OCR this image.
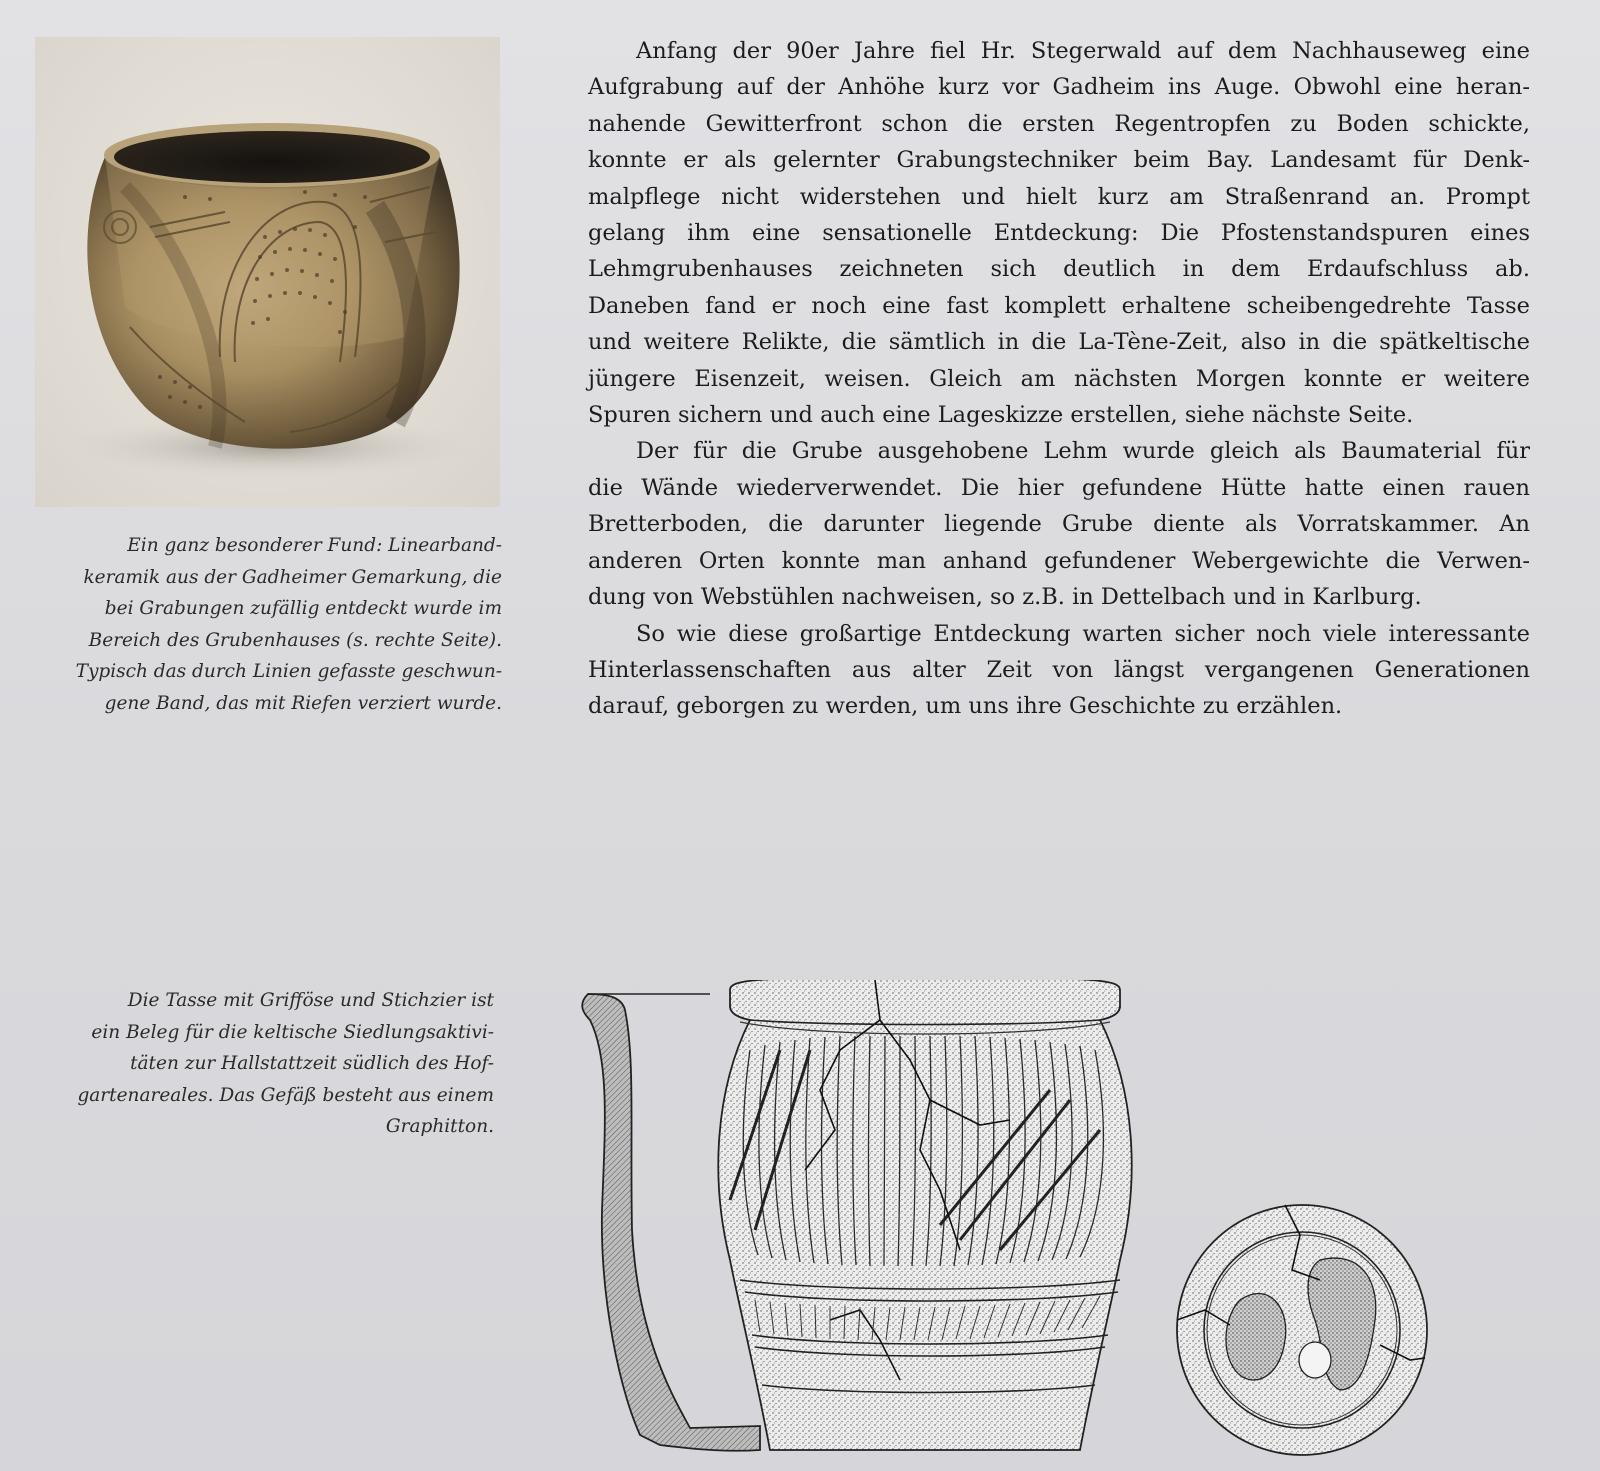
Ein ganz besonderer Fund: Linearband-
keramik aus der Gadheimer Gemarkung, die
bei Grabungen zufällig entdeckt wurde im
Bereich des Grubenhauses (s. rechte Seite).
Typisch das durch Linien gefasste geschwun-
gene Band, das mit Riefen verziert wurde.
Anfang der 90er Jahre fiel Hr. Stegerwald auf dem Nachhauseweg eine
Aufgrabung auf der Anhöhe kurz vor Gadheim ins Auge. Obwohl eine heran-
nahende Gewitterfront schon die ersten Regentropfen zu Boden schickte,
konnte er als gelernter Grabungstechniker beim Bay. Landesamt für Denk-
malpflege nicht widerstehen und hielt kurz am Straßenrand an. Prompt
gelang ihm eine sensationelle Entdeckung: Die Pfostenstandspuren eines
Lehmgrubenhauses zeichneten sich deutlich in dem Erdaufschluss ab.
Daneben fand er noch eine fast komplett erhaltene scheibengedrehte Tasse
und weitere Relikte, die sämtlich in die La-Tène-Zeit, also in die spätkeltische
jüngere Eisenzeit, weisen. Gleich am nächsten Morgen konnte er weitere
Spuren sichern und auch eine Lageskizze erstellen, siehe nächste Seite.
Der für die Grube ausgehobene Lehm wurde gleich als Baumaterial für
die Wände wiederverwendet. Die hier gefundene Hütte hatte einen rauen
Bretterboden, die darunter liegende Grube diente als Vorratskammer. An
anderen Orten konnte man anhand gefundener Webergewichte die Verwen-
dung von Webstühlen nachweisen, so z.B. in Dettelbach und in Karlburg.
So wie diese großartige Entdeckung warten sicher noch viele interessante
Hinterlassenschaften aus alter Zeit von längst vergangenen Generationen
darauf, geborgen zu werden, um uns ihre Geschichte zu erzählen.
Die Tasse mit Grifföse und Stichzier ist
ein Beleg für die keltische Siedlungsaktivi-
täten zur Hallstattzeit südlich des Hof-
gartenareales. Das Gefäß besteht aus einem
Graphitton.
